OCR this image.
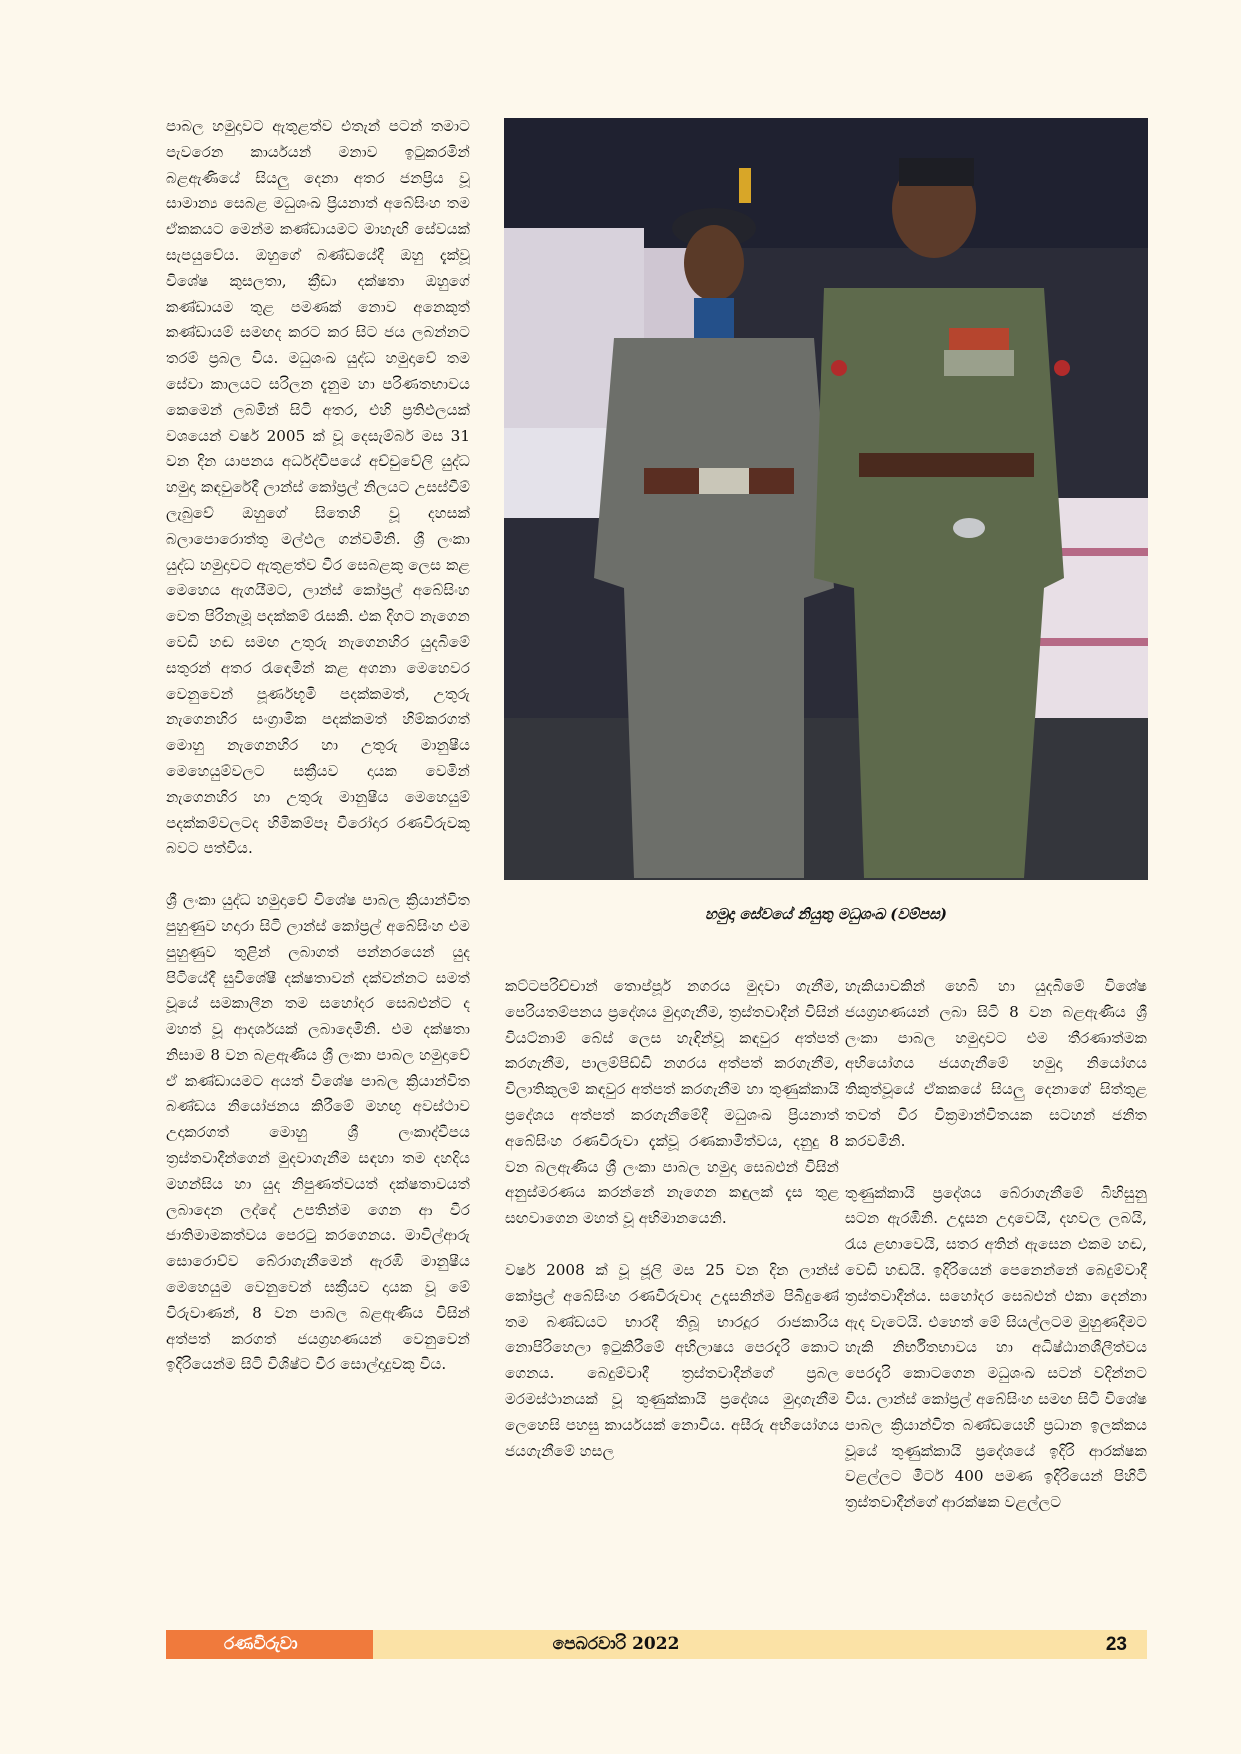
පාබල හමුදාවට ඇතුළත්ව එතැන් පටන් තමාට පැවරෙන කාර්යයන් මනාව ඉටුකරමින් බළඇණියේ සියලු දෙනා අතර ජනප්‍රිය වූ සාමාන්‍ය සෙබළ මධුශංඛ ප්‍රියනාත් අබේසිංහ තම ඒකකයට මෙන්ම කණ්ඩායමට මාහැඟි සේවයක් සැපයුවේය. ඔහුගේ බණ්ඩයේදී ඔහු දැක්වූ විශේෂ කුසලතා, ක්‍රීඩා දක්ෂතා ඔහුගේ කණ්ඩායම තුළ පමණක් නොව අනෙකුත් කණ්ඩායම් සමඟද කරට කර සිට ජය ලබන්නට තරම් ප්‍රබල විය. මධුශංඛ යුද්ධ හමුදාවේ තම සේවා කාලයට සරිලන දැනුම හා පරිණතභාවය කෙමෙන් ලබමින් සිටි අතර, එහි ප්‍රතිඵලයක් වශයෙන් වර්ෂ 2005 ක් වූ දෙසැම්බර් මස 31 වන දින යාපනය අර්ධද්වීපයේ අච්චුවේලි යුද්ධ හමුදා කඳවුරේදී ලාන්ස් කෝප්‍රල් නිලයට උසස්වීම් ලැබුවේ ඔහුගේ සිතෙහි වූ දහසක් බලාපොරොත්තු මල්ඵල ගන්වමිනි. ශ්‍රී ලංකා යුද්ධ හමුදාවට ඇතුළත්ව වීර සෙබළකු ලෙස කළ මෙහෙය ඇගයීමට, ලාන්ස් කෝප්‍රල් අබේසිංහ වෙත පිරිනැමූ පදක්කම් රැසකි. එක දිගට නැගෙන වෙඩි හඬ සමඟ උතුරු නැගෙනහිර යුදබිමේ සතුරන් අතර රැඳෙමින් කළ අගනා මෙහෙවර වෙනුවෙන් පූර්ණභූමි පදක්කමත්, උතුරු නැගෙනහිර සංග්‍රාමික පදක්කමත් හිම්කරගත් මොහු නැගෙනහිර හා උතුරු මානුෂීය මෙහෙයුම්වලට සක්‍රීයව දායක වෙමින් නැගෙනහිර හා උතුරු මානුෂීය මෙහෙයුම් පදක්කම්වලටද හිමිකම්පෑ වීරෝදාර රණවිරුවකු බවට පත්විය.

ශ්‍රී ලංකා යුද්ධ හමුදාවේ විශේෂ පාබල ක්‍රියාන්විත පුහුණුව හදාරා සිටි ලාන්ස් කෝප්‍රල් අබේසිංහ එම පුහුණුව තුළින් ලබාගත් පන්නරයෙන් යුද පිටියේදී සුවිශේෂී දක්ෂතාවන් දක්වන්නට සමත් වූයේ සමකාලීන තම සහෝදර සෙබළුන්ට ද මහත් වූ ආදර්ශයක් ලබාදෙමිනි. එම දක්ෂතා නිසාම 8 වන බළඇණිය ශ්‍රී ලංකා පාබල හමුදාවේ ඒ කණ්ඩායමට අයත් විශේෂ පාබල ක්‍රියාන්විත බණ්ඩය නියෝජනය කිරීමේ මහඟු අවස්ථාව උදාකරගත් මොහු ශ්‍රී ලංකාද්වීපය ත්‍රස්තවාදීන්ගෙන් මුදවාගැනීම සඳහා තම දහදිය මහන්සිය හා යුද නිපුණත්වයත් දක්ෂතාවයත් ලබාදෙන ලද්දේ උපතින්ම ගෙන ආ වීර ජාතිමාමකත්වය පෙරටු කරගෙනය. මාවිල්ආරු සොරොව්ව බේරාගැනීමෙන් ඇරඹි මානුෂීය මෙහෙයුම වෙනුවෙන් සක්‍රීයව දායක වූ මේ විරුවාණන්, 8 වන පාබල බළඇණිය විසින් අත්පත් කරගත් ජයග්‍රහණයන් වෙනුවෙන් ඉදිරියෙන්ම සිටි විශිෂ්ට වීර සොල්දාදුවකු විය.

හමුදා සේවයේ නියුතු මධුශංඛ (වම්පස)

කට්ටපරිච්චාන් තොප්පූර් නගරය මුදවා ගැනීම, පෙරියතම්පනය ප්‍රදේශය මුදාගැනීම, ත්‍රස්තවාදීන් විසින් වියට්නාම් බේස් ලෙස හැඳින්වූ කඳවුර අත්පත් කරගැනීම, පාලම්පිඩ්ඩි නගරය අත්පත් කරගැනීම, විලාතිකුලම් කඳවුර අත්පත් කරගැනීම හා තුණුක්කායි ප්‍රදේශය අත්පත් කරගැනීමේදී මධුශංඛ ප්‍රියනාත් අබේසිංහ රණවිරුවා දැක්වූ රණකාමීත්වය, දනුදු 8 වන බලඇණිය ශ්‍රී ලංකා පාබල හමුදා සෙබළුන් විසින් අනුස්මරණය කරන්නේ නැගෙන කඳුලක් දැස තුළ සඟවාගෙන මහත් වූ අභිමානයෙනි.

වර්ෂ 2008 ක් වූ ජූලි මස 25 වන දින ලාන්ස් කෝප්‍රල් අබේසිංහ රණවිරුවාද උදෑසනින්ම පිබිදුණේ තම බණ්ඩයට භාරදී තිබූ භාරදූර රාජකාරිය නොපිරිහෙලා ඉටුකිරීමේ අභිලාෂය පෙරදැරි කොට ගෙනය. බෙදුම්වාදී ත්‍රස්තවාදීන්ගේ ප්‍රබල මරමස්ථානයක් වූ තුණුක්කායි ප්‍රදේශය මුදාගැනීම ලෙහෙසි පහසු කාර්යයක් නොවීය. අසීරු අභියෝගය ජයගැනීමේ හසල

හැකියාවකින් හෙබි හා යුදබිමේ විශේෂ ජයග්‍රහණයන් ලබා සිටි 8 වන බළඇණිය ශ්‍රී ලංකා පාබල හමුදාවට එම තීරණාත්මක අභියෝගය ජයගැනීමේ හමුදා නියෝගය තිකුත්වූයේ ඒකකයේ සියලු දෙනාගේ සිත්තුළ තවත් වීර වික්‍රමාන්විතයක සටහන් ජනිත කරවමිනි.

තුණුක්කායි ප්‍රදේශය බේරාගැනීමේ බිහිසුනු සටන ඇරඹිනි. උදෑසන උදාවෙයි, දහවල ලබයි, රැය ළඟාවෙයි, සතර අතින් ඇසෙන එකම හඬ, වෙඩි හඬයි. ඉදිරියෙන් පෙනෙන්නේ බෙදුම්වාදී ත්‍රස්තවාදීන්ය. සහෝදර සෙබළුන් එකා දෙන්නා ඇද වැටෙයි. එහෙත් මේ සියල්ලටම මුහුණදීමට හැකි නිර්භීතභාවය හා අධිෂ්ඨානශීලීත්වය පෙරදැරි කොටගෙන මධුශංඛ සටන් වදින්නට විය. ලාන්ස් කෝප්‍රල් අබේසිංහ සමඟ සිටි විශේෂ පාබල ක්‍රියාන්විත බණ්ඩයෙහි ප්‍රධාන ඉලක්කය වූයේ තුණුක්කායි ප්‍රදේශයේ ඉදිරි ආරක්ෂක වළල්ලට මීටර් 400 පමණ ඉදිරියෙන් පිහිටි ත්‍රස්තවාදීන්ගේ ආරක්ෂක වළල්ලට

රණවිරුවා	පෙබරවාරි 2022	23
